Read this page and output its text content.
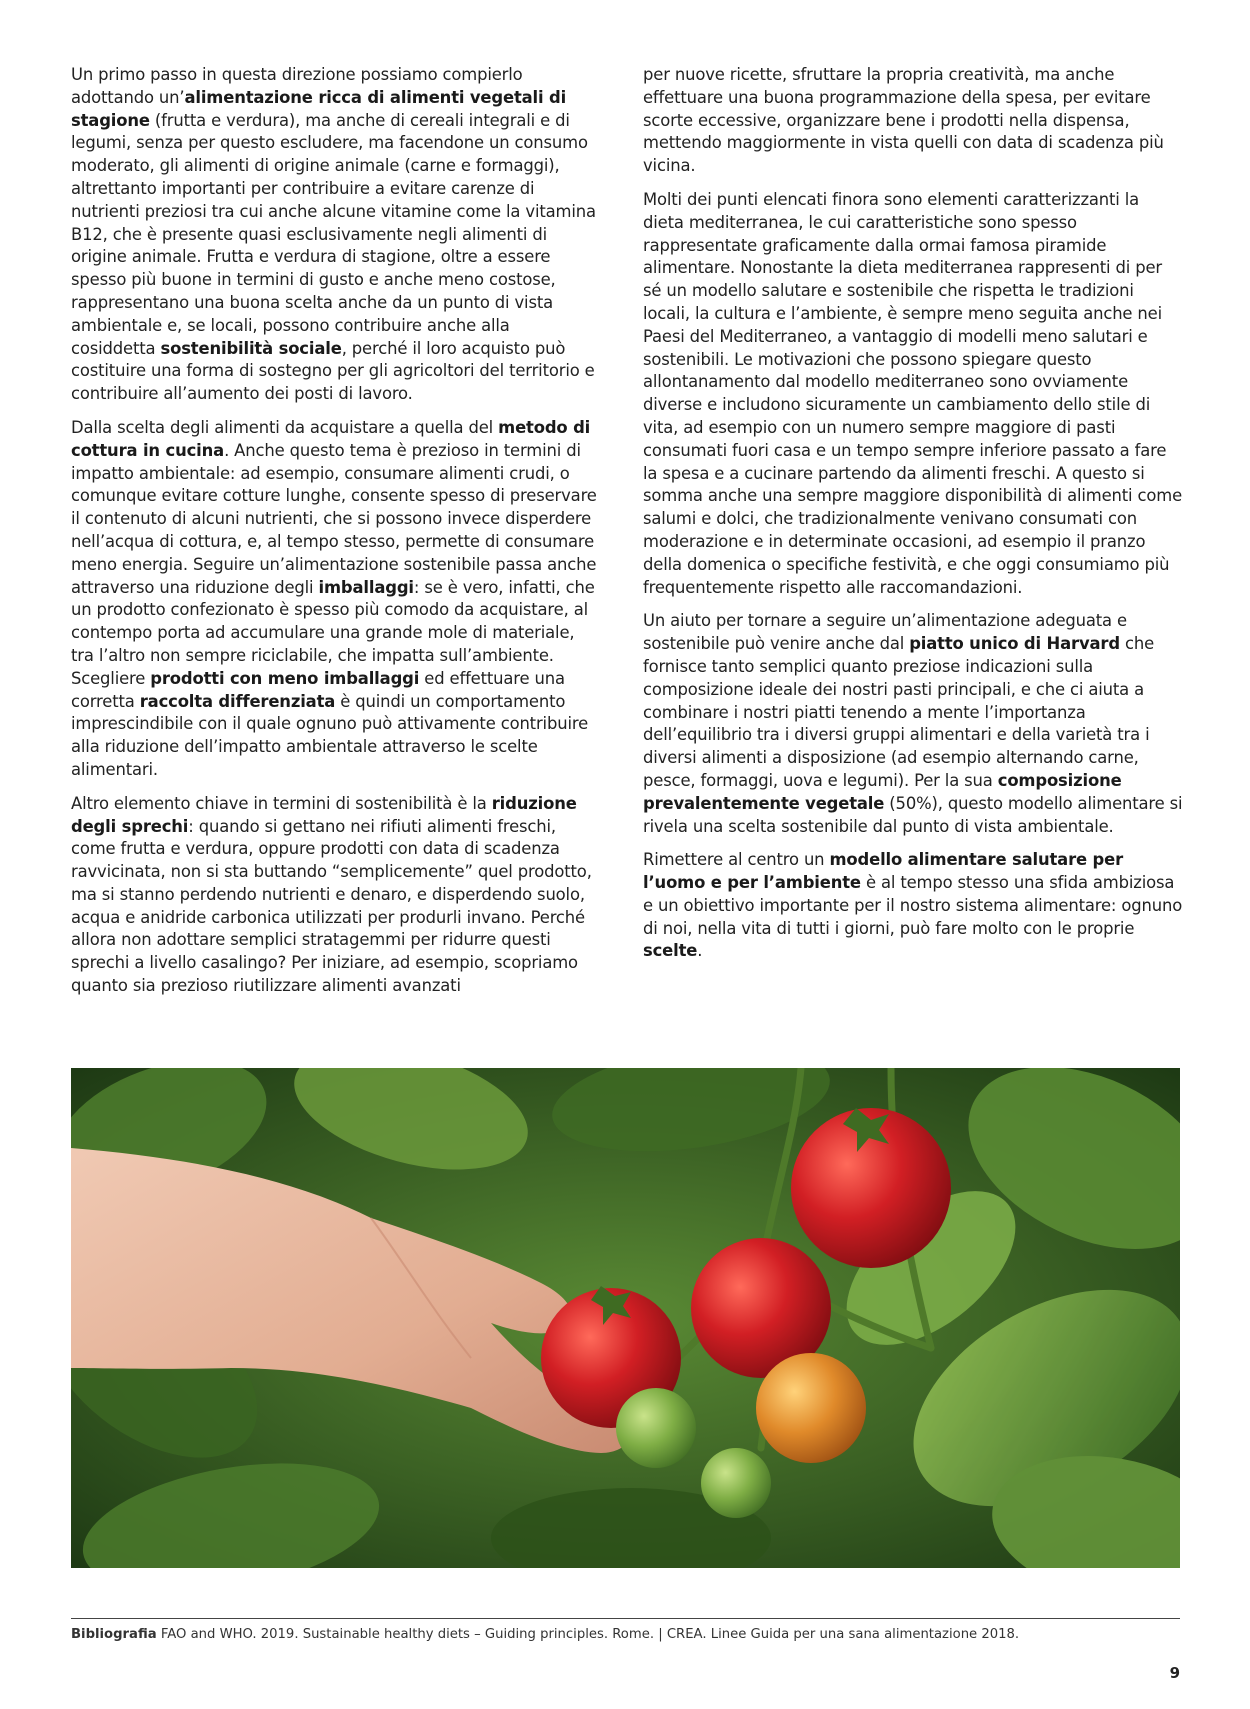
Un primo passo in questa direzione possiamo compierlo adottando un’alimentazione ricca di alimenti vegetali di stagione (frutta e verdura), ma anche di cereali integrali e di legumi, senza per questo escludere, ma facendone un consumo moderato, gli alimenti di origine animale (carne e formaggi), altrettanto importanti per contribuire a evitare carenze di nutrienti preziosi tra cui anche alcune vitamine come la vitamina B12, che è presente quasi esclusivamente negli alimenti di origine animale. Frutta e verdura di stagione, oltre a essere spesso più buone in termini di gusto e anche meno costose, rappresentano una buona scelta anche da un punto di vista ambientale e, se locali, possono contribuire anche alla cosiddetta sostenibilità sociale, perché il loro acquisto può costituire una forma di sostegno per gli agricoltori del territorio e contribuire all’aumento dei posti di lavoro.

Dalla scelta degli alimenti da acquistare a quella del metodo di cottura in cucina. Anche questo tema è prezioso in termini di impatto ambientale: ad esempio, consumare alimenti crudi, o comunque evitare cotture lunghe, consente spesso di preservare il contenuto di alcuni nutrienti, che si possono invece disperdere nell’acqua di cottura, e, al tempo stesso, permette di consumare meno energia. Seguire un’alimentazione sostenibile passa anche attraverso una riduzione degli imballaggi: se è vero, infatti, che un prodotto confezionato è spesso più comodo da acquistare, al contempo porta ad accumulare una grande mole di materiale, tra l’altro non sempre riciclabile, che impatta sull’ambiente. Scegliere prodotti con meno imballaggi ed effettuare una corretta raccolta differenziata è quindi un comportamento imprescindibile con il quale ognuno può attivamente contribuire alla riduzione dell’impatto ambientale attraverso le scelte alimentari.

Altro elemento chiave in termini di sostenibilità è la riduzione degli sprechi: quando si gettano nei rifiuti alimenti freschi, come frutta e verdura, oppure prodotti con data di scadenza ravvicinata, non si sta buttando “semplicemente” quel prodotto, ma si stanno perdendo nutrienti e denaro, e disperdendo suolo, acqua e anidride carbonica utilizzati per produrli invano. Perché allora non adottare semplici stratagemmi per ridurre questi sprechi a livello casalingo? Per iniziare, ad esempio, scopriamo quanto sia prezioso riutilizzare alimenti avanzati

per nuove ricette, sfruttare la propria creatività, ma anche effettuare una buona programmazione della spesa, per evitare scorte eccessive, organizzare bene i prodotti nella dispensa, mettendo maggiormente in vista quelli con data di scadenza più vicina.

Molti dei punti elencati finora sono elementi caratterizzanti la dieta mediterranea, le cui caratteristiche sono spesso rappresentate graficamente dalla ormai famosa piramide alimentare. Nonostante la dieta mediterranea rappresenti di per sé un modello salutare e sostenibile che rispetta le tradizioni locali, la cultura e l’ambiente, è sempre meno seguita anche nei Paesi del Mediterraneo, a vantaggio di modelli meno salutari e sostenibili. Le motivazioni che possono spiegare questo allontanamento dal modello mediterraneo sono ovviamente diverse e includono sicuramente un cambiamento dello stile di vita, ad esempio con un numero sempre maggiore di pasti consumati fuori casa e un tempo sempre inferiore passato a fare la spesa e a cucinare partendo da alimenti freschi. A questo si somma anche una sempre maggiore disponibilità di alimenti come salumi e dolci, che tradizionalmente venivano consumati con moderazione e in determinate occasioni, ad esempio il pranzo della domenica o specifiche festività, e che oggi consumiamo più frequentemente rispetto alle raccomandazioni.

Un aiuto per tornare a seguire un’alimentazione adeguata e sostenibile può venire anche dal piatto unico di Harvard che fornisce tanto semplici quanto preziose indicazioni sulla composizione ideale dei nostri pasti principali, e che ci aiuta a combinare i nostri piatti tenendo a mente l’importanza dell’equilibrio tra i diversi gruppi alimentari e della varietà tra i diversi alimenti a disposizione (ad esempio alternando carne, pesce, formaggi, uova e legumi). Per la sua composizione prevalentemente vegetale (50%), questo modello alimentare si rivela una scelta sostenibile dal punto di vista ambientale.

Rimettere al centro un modello alimentare salutare per l’uomo e per l’ambiente è al tempo stesso una sfida ambiziosa e un obiettivo importante per il nostro sistema alimentare: ognuno di noi, nella vita di tutti i giorni, può fare molto con le proprie scelte.

Bibliografia FAO and WHO. 2019. Sustainable healthy diets – Guiding principles. Rome. | CREA. Linee Guida per una sana alimentazione 2018.
9
